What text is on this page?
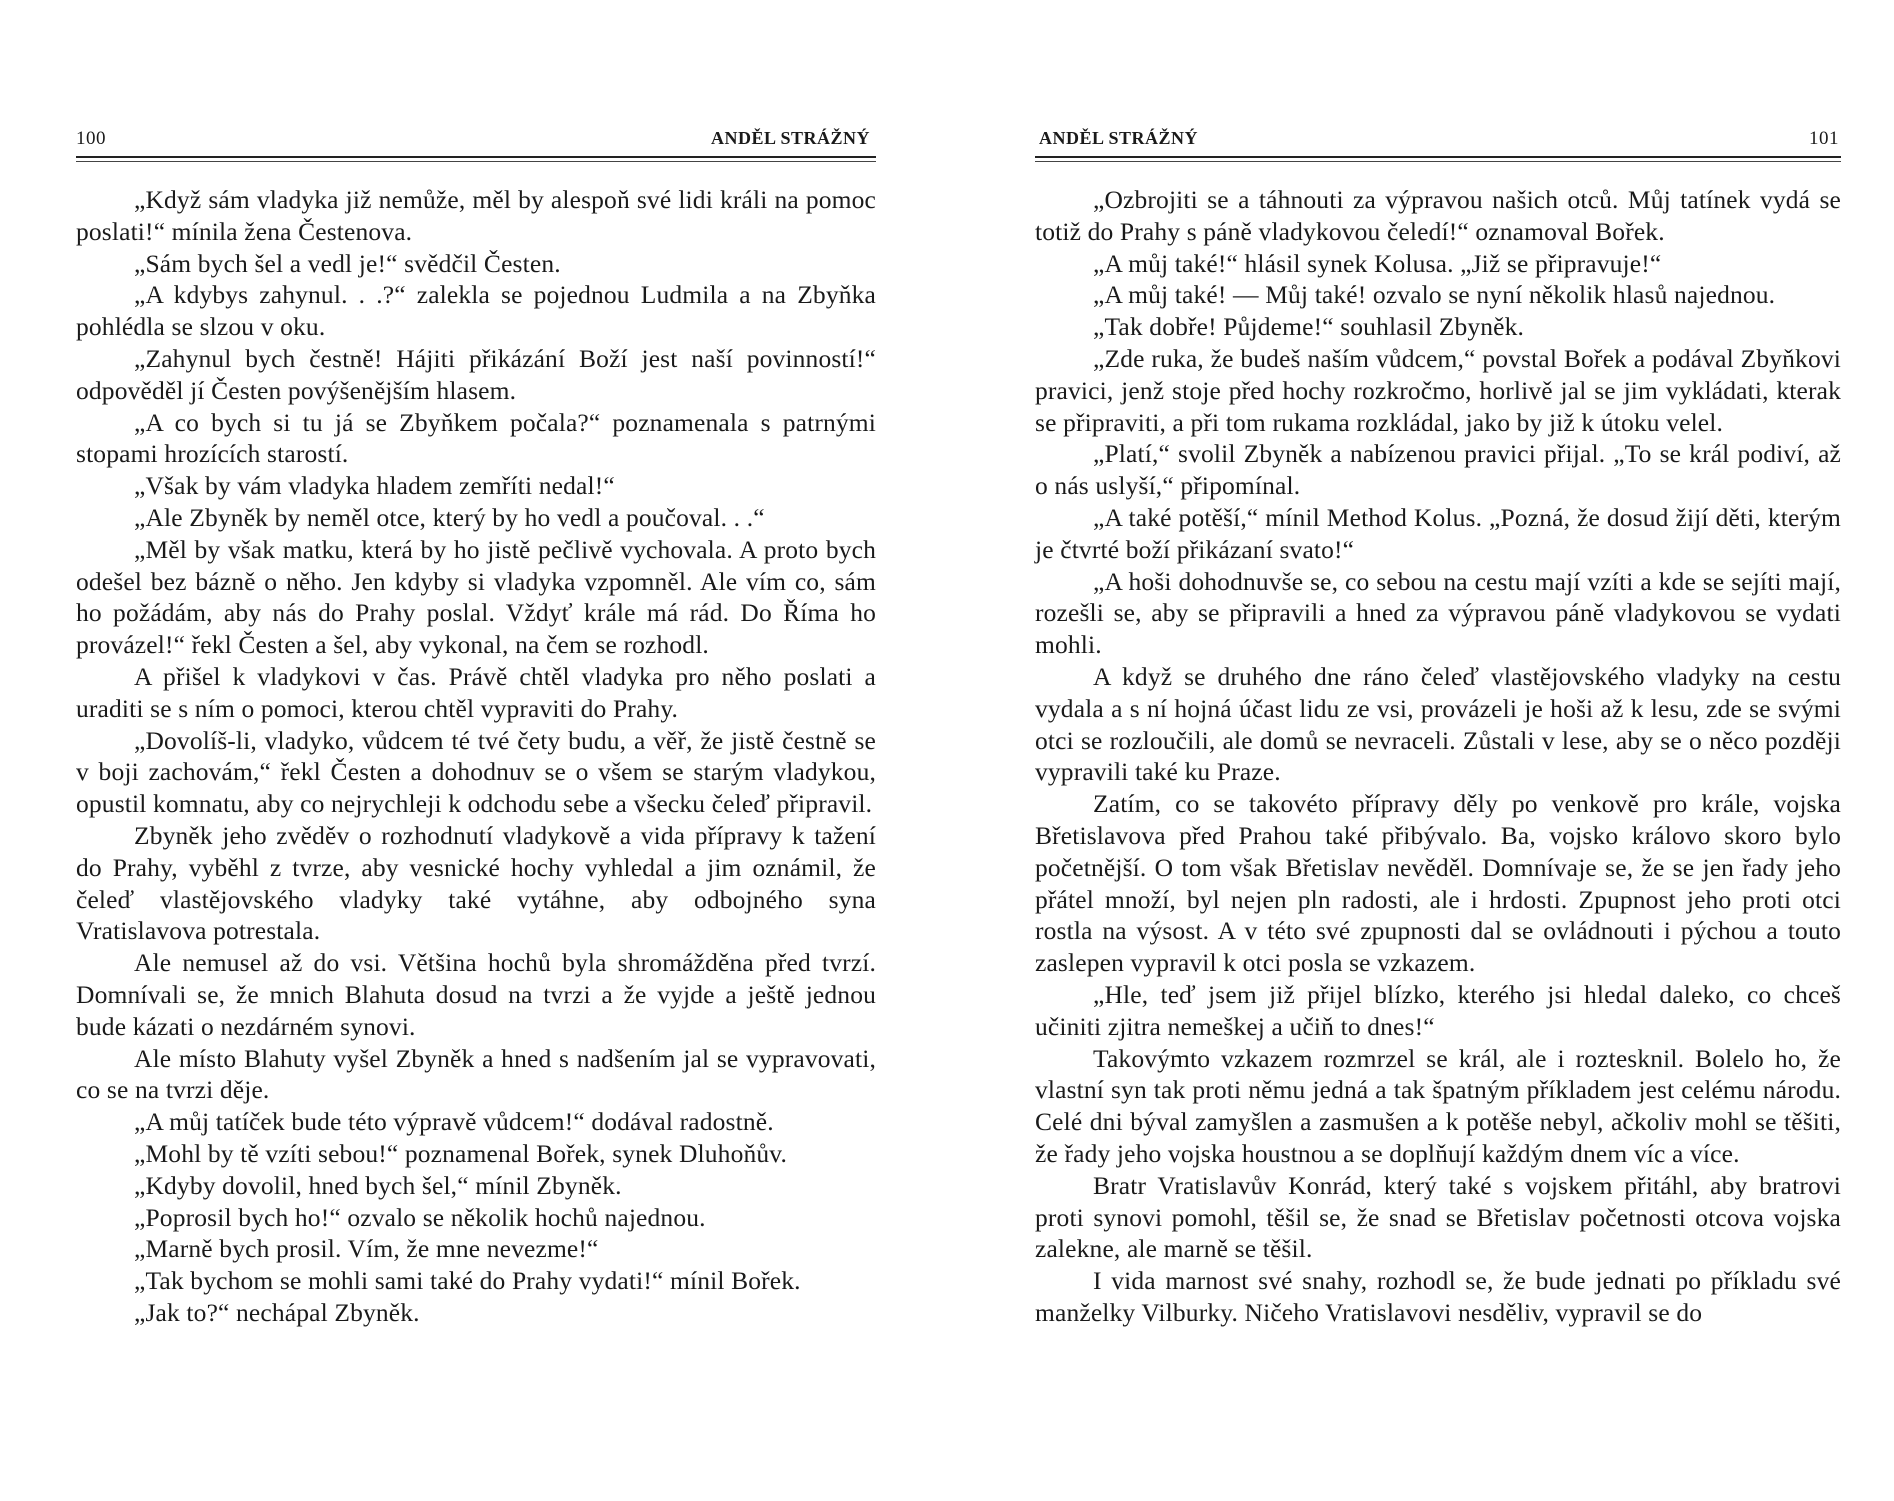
100	ANDĚL STRÁŽNÝ

„Když sám vladyka již nemůže, měl by alespoň své lidi králi na pomoc poslati!“ mínila žena Čestenova.

„Sám bych šel a vedl je!“ svědčil Česten.

„A kdybys zahynul. . .?“ zalekla se pojednou Ludmila a na Zbyňka pohlédla se slzou v oku.

„Zahynul bych čestně! Hájiti přikázání Boží jest naší povinností!“ odpověděl jí Česten povýšenějším hlasem.

„A co bych si tu já se Zbyňkem počala?“ poznamenala s patrnými stopami hrozících starostí.

„Však by vám vladyka hladem zemříti nedal!“

„Ale Zbyněk by neměl otce, který by ho vedl a poučoval. . .“

„Měl by však matku, která by ho jistě pečlivě vychovala. A proto bych odešel bez bázně o něho. Jen kdyby si vladyka vzpomněl. Ale vím co, sám ho požádám, aby nás do Prahy poslal. Vždyť krále má rád. Do Říma ho provázel!“ řekl Česten a šel, aby vykonal, na čem se rozhodl.

A přišel k vladykovi v čas. Právě chtěl vladyka pro něho poslati a uraditi se s ním o pomoci, kterou chtěl vypraviti do Prahy.

„Dovolíš-li, vladyko, vůdcem té tvé čety budu, a věř, že jistě čestně se v boji zachovám,“ řekl Česten a dohodnuv se o všem se starým vladykou, opustil komnatu, aby co nejrychleji k odchodu sebe a všecku čeleď připravil.

Zbyněk jeho zvěděv o rozhodnutí vladykově a vida přípravy k tažení do Prahy, vyběhl z tvrze, aby vesnické hochy vyhledal a jim oznámil, že čeleď vlastějovského vladyky také vytáhne, aby odbojného syna Vratislavova potrestala.

Ale nemusel až do vsi. Většina hochů byla shromážděna před tvrzí. Domnívali se, že mnich Blahuta dosud na tvrzi a že vyjde a ještě jednou bude kázati o nezdárném synovi.

Ale místo Blahuty vyšel Zbyněk a hned s nadšením jal se vypravovati, co se na tvrzi děje.

„A můj tatíček bude této výpravě vůdcem!“ dodával radostně.

„Mohl by tě vzíti sebou!“ poznamenal Bořek, synek Dluhoňův.

„Kdyby dovolil, hned bych šel,“ mínil Zbyněk.

„Poprosil bych ho!“ ozvalo se několik hochů najednou.

„Marně bych prosil. Vím, že mne nevezme!“

„Tak bychom se mohli sami také do Prahy vydati!“ mínil Bořek.

„Jak to?“ nechápal Zbyněk.

ANDĚL STRÁŽNÝ	101

„Ozbrojiti se a táhnouti za výpravou našich otců. Můj tatínek vydá se totiž do Prahy s páně vladykovou čeledí!“ oznamoval Bořek.

„A můj také!“ hlásil synek Kolusa. „Již se připravuje!“

„A můj také! — Můj také! ozvalo se nyní několik hlasů najednou.

„Tak dobře! Půjdeme!“ souhlasil Zbyněk.

„Zde ruka, že budeš naším vůdcem,“ povstal Bořek a podával Zbyňkovi pravici, jenž stoje před hochy rozkročmo, horlivě jal se jim vykládati, kterak se připraviti, a při tom rukama rozkládal, jako by již k útoku velel.

„Platí,“ svolil Zbyněk a nabízenou pravici přijal. „To se král podiví, až o nás uslyší,“ připomínal.

„A také potěší,“ mínil Method Kolus. „Pozná, že dosud žijí děti, kterým je čtvrté boží přikázaní svato!“

„A hoši dohodnuvše se, co sebou na cestu mají vzíti a kde se sejíti mají, rozešli se, aby se připravili a hned za výpravou páně vladykovou se vydati mohli.

A když se druhého dne ráno čeleď vlastějovského vladyky na cestu vydala a s ní hojná účast lidu ze vsi, provázeli je hoši až k lesu, zde se svými otci se rozloučili, ale domů se nevraceli. Zůstali v lese, aby se o něco později vypravili také ku Praze.

Zatím, co se takovéto přípravy děly po venkově pro krále, vojska Břetislavova před Prahou také přibývalo. Ba, vojsko královo skoro bylo početnější. O tom však Břetislav nevěděl. Domnívaje se, že se jen řady jeho přátel množí, byl nejen pln radosti, ale i hrdosti. Zpupnost jeho proti otci rostla na výsost. A v této své zpupnosti dal se ovládnouti i pýchou a touto zaslepen vypravil k otci posla se vzkazem.

„Hle, teď jsem již přijel blízko, kterého jsi hledal daleko, co chceš učiniti zjitra nemeškej a učiň to dnes!“

Takovýmto vzkazem rozmrzel se král, ale i roztesknil. Bolelo ho, že vlastní syn tak proti němu jedná a tak špatným příkladem jest celému národu. Celé dni býval zamyšlen a zasmušen a k potěše nebyl, ačkoliv mohl se těšiti, že řady jeho vojska houstnou a se doplňují každým dnem víc a více.

Bratr Vratislavův Konrád, který také s vojskem přitáhl, aby bratrovi proti synovi pomohl, těšil se, že snad se Břetislav početnosti otcova vojska zalekne, ale marně se těšil.

I vida marnost své snahy, rozhodl se, že bude jednati po příkladu své manželky Vilburky. Ničeho Vratislavovi nesděliv, vypravil se do
